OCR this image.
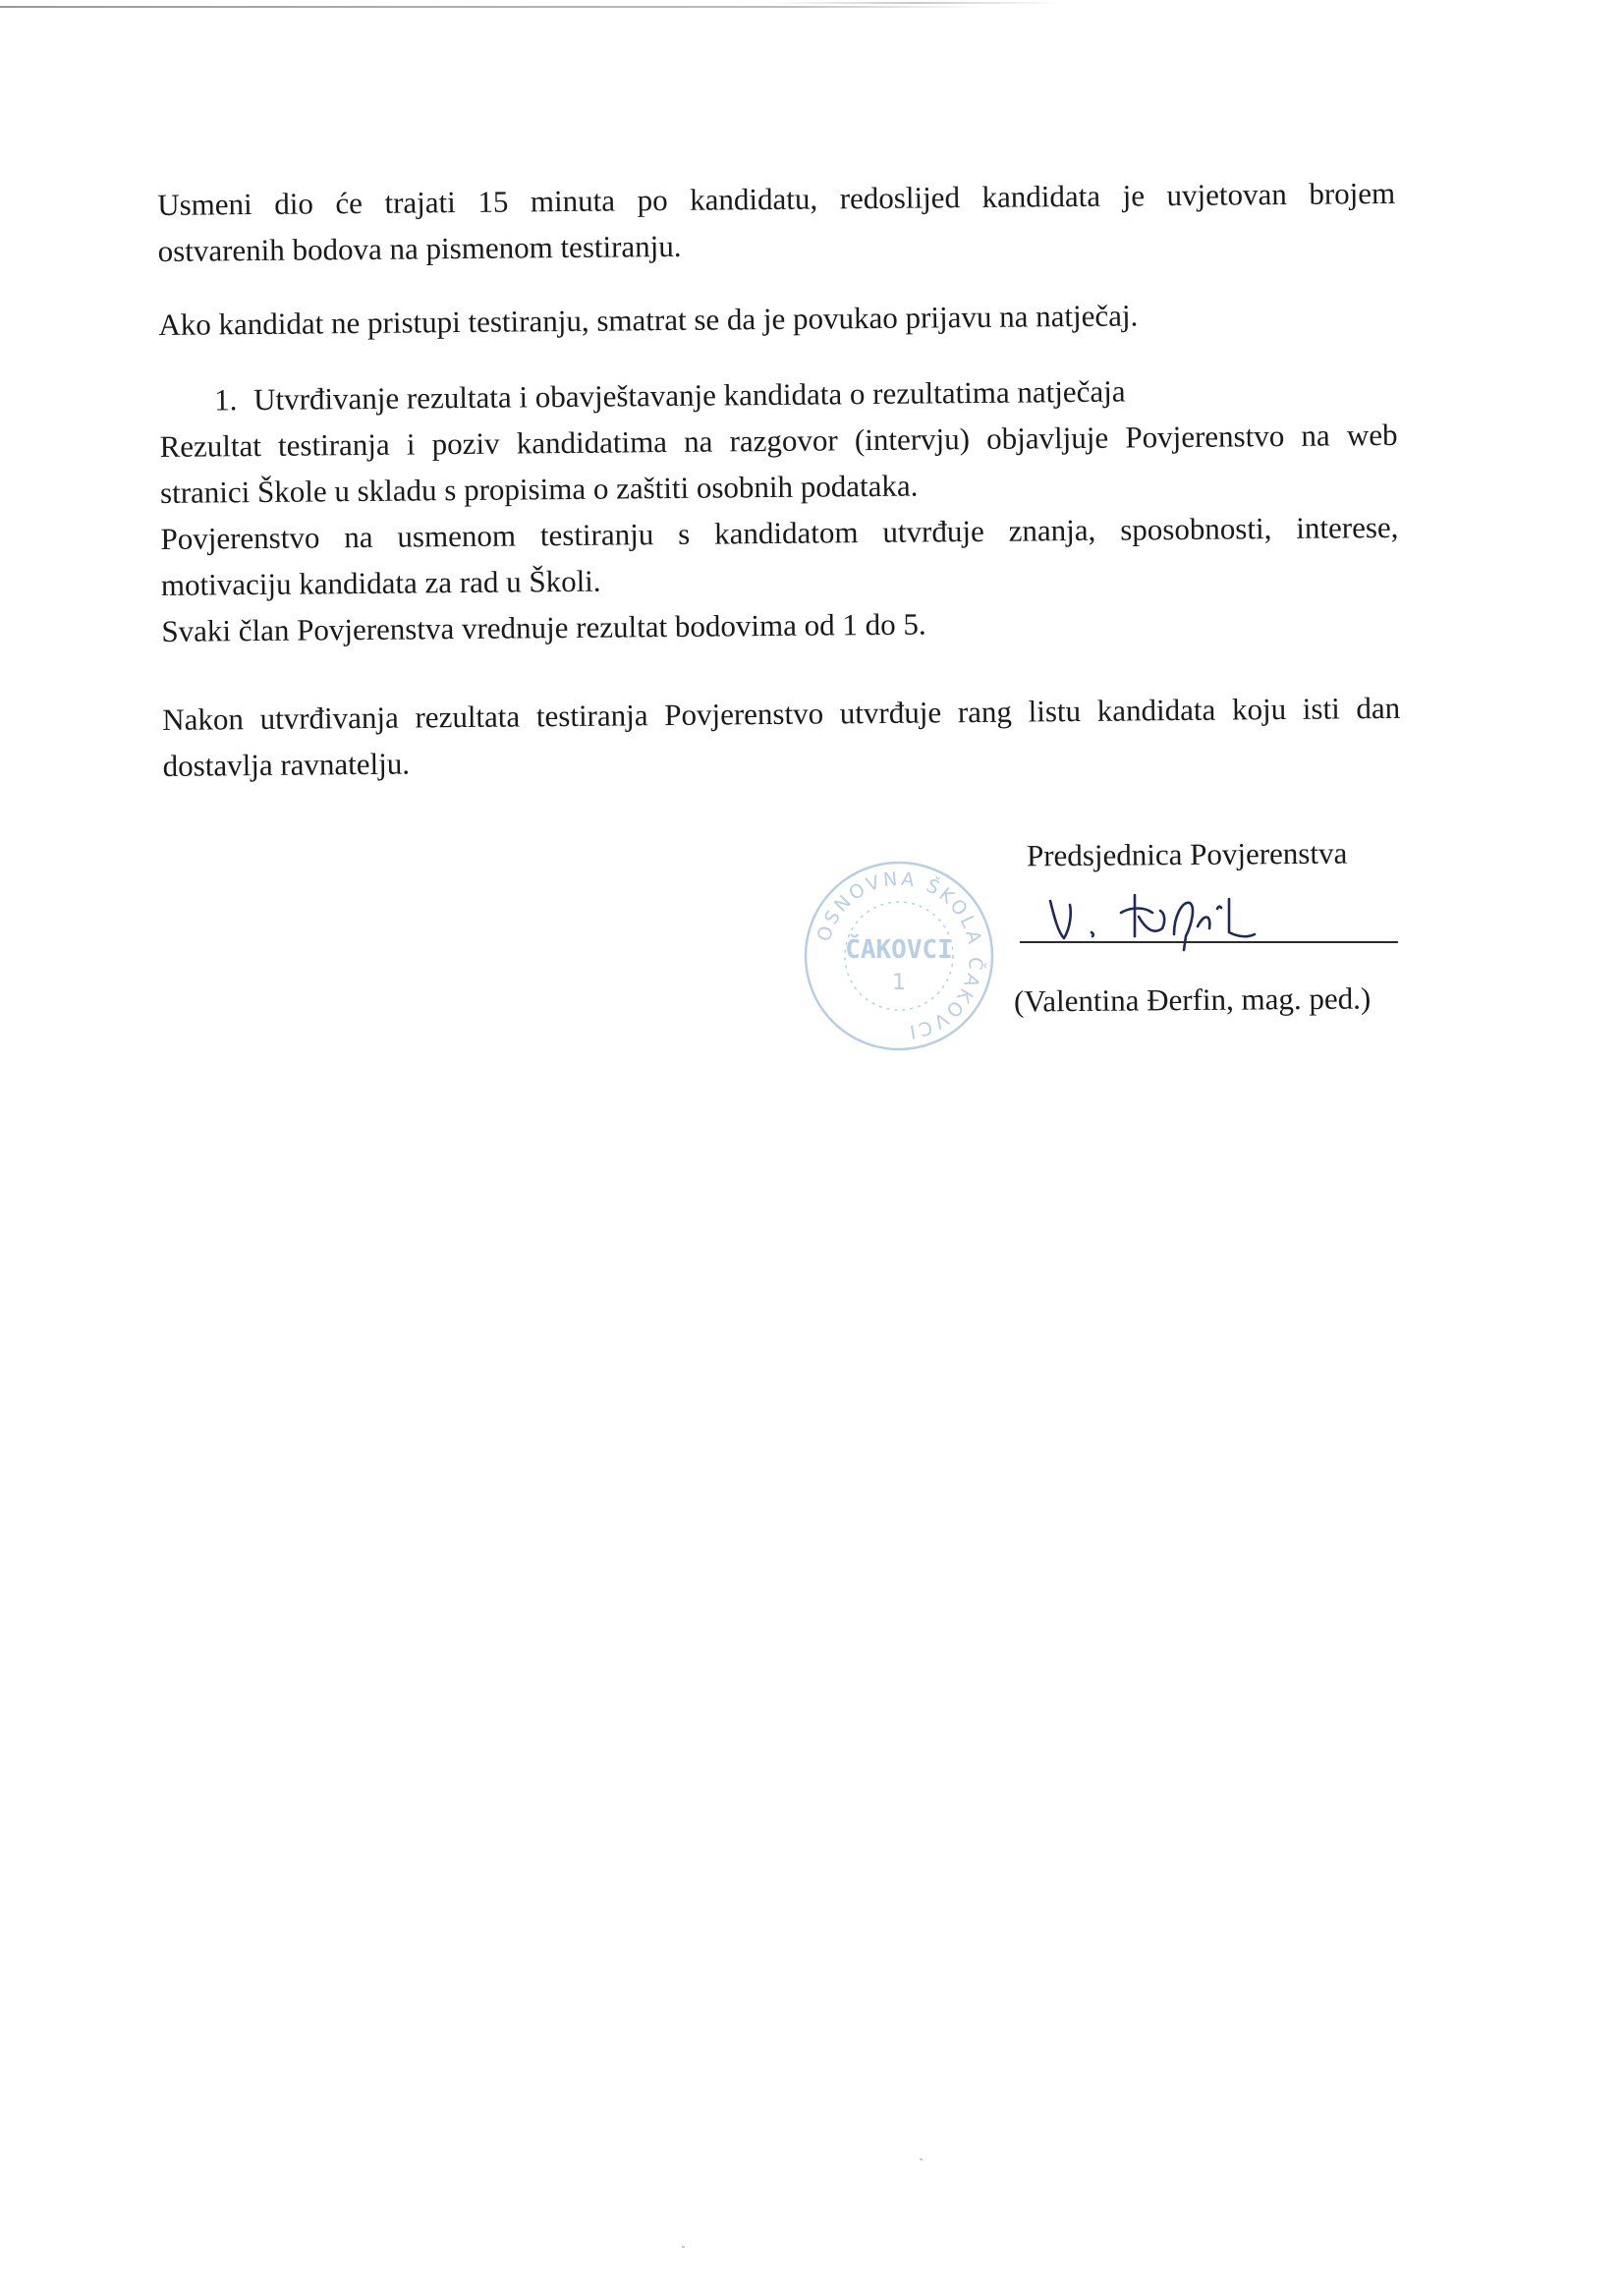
Usmeni dio će trajati 15 minuta po kandidatu, redoslijed kandidata je uvjetovan brojem

ostvarenih bodova na pismenom testiranju.

Ako kandidat ne pristupi testiranju, smatrat se da je povukao prijavu na natječaj.

1. Utvrđivanje rezultata i obavještavanje kandidata o rezultatima natječaja

Rezultat testiranja i poziv kandidatima na razgovor (intervju) objavljuje Povjerenstvo na web

stranici Škole u skladu s propisima o zaštiti osobnih podataka.

Povjerenstvo na usmenom testiranju s kandidatom utvrđuje znanja, sposobnosti, interese,

motivaciju kandidata za rad u Školi.

Svaki član Povjerenstva vrednuje rezultat bodovima od 1 do 5.

Nakon utvrđivanja rezultata testiranja Povjerenstvo utvrđuje rang listu kandidata koju isti dan

dostavlja ravnatelju.

Predsjednica Povjerenstva
OSNOVNA ŠKOLA ČAKOVCI
ČAKOVCI
1	(Valentina Đerfin, mag. ped.)
